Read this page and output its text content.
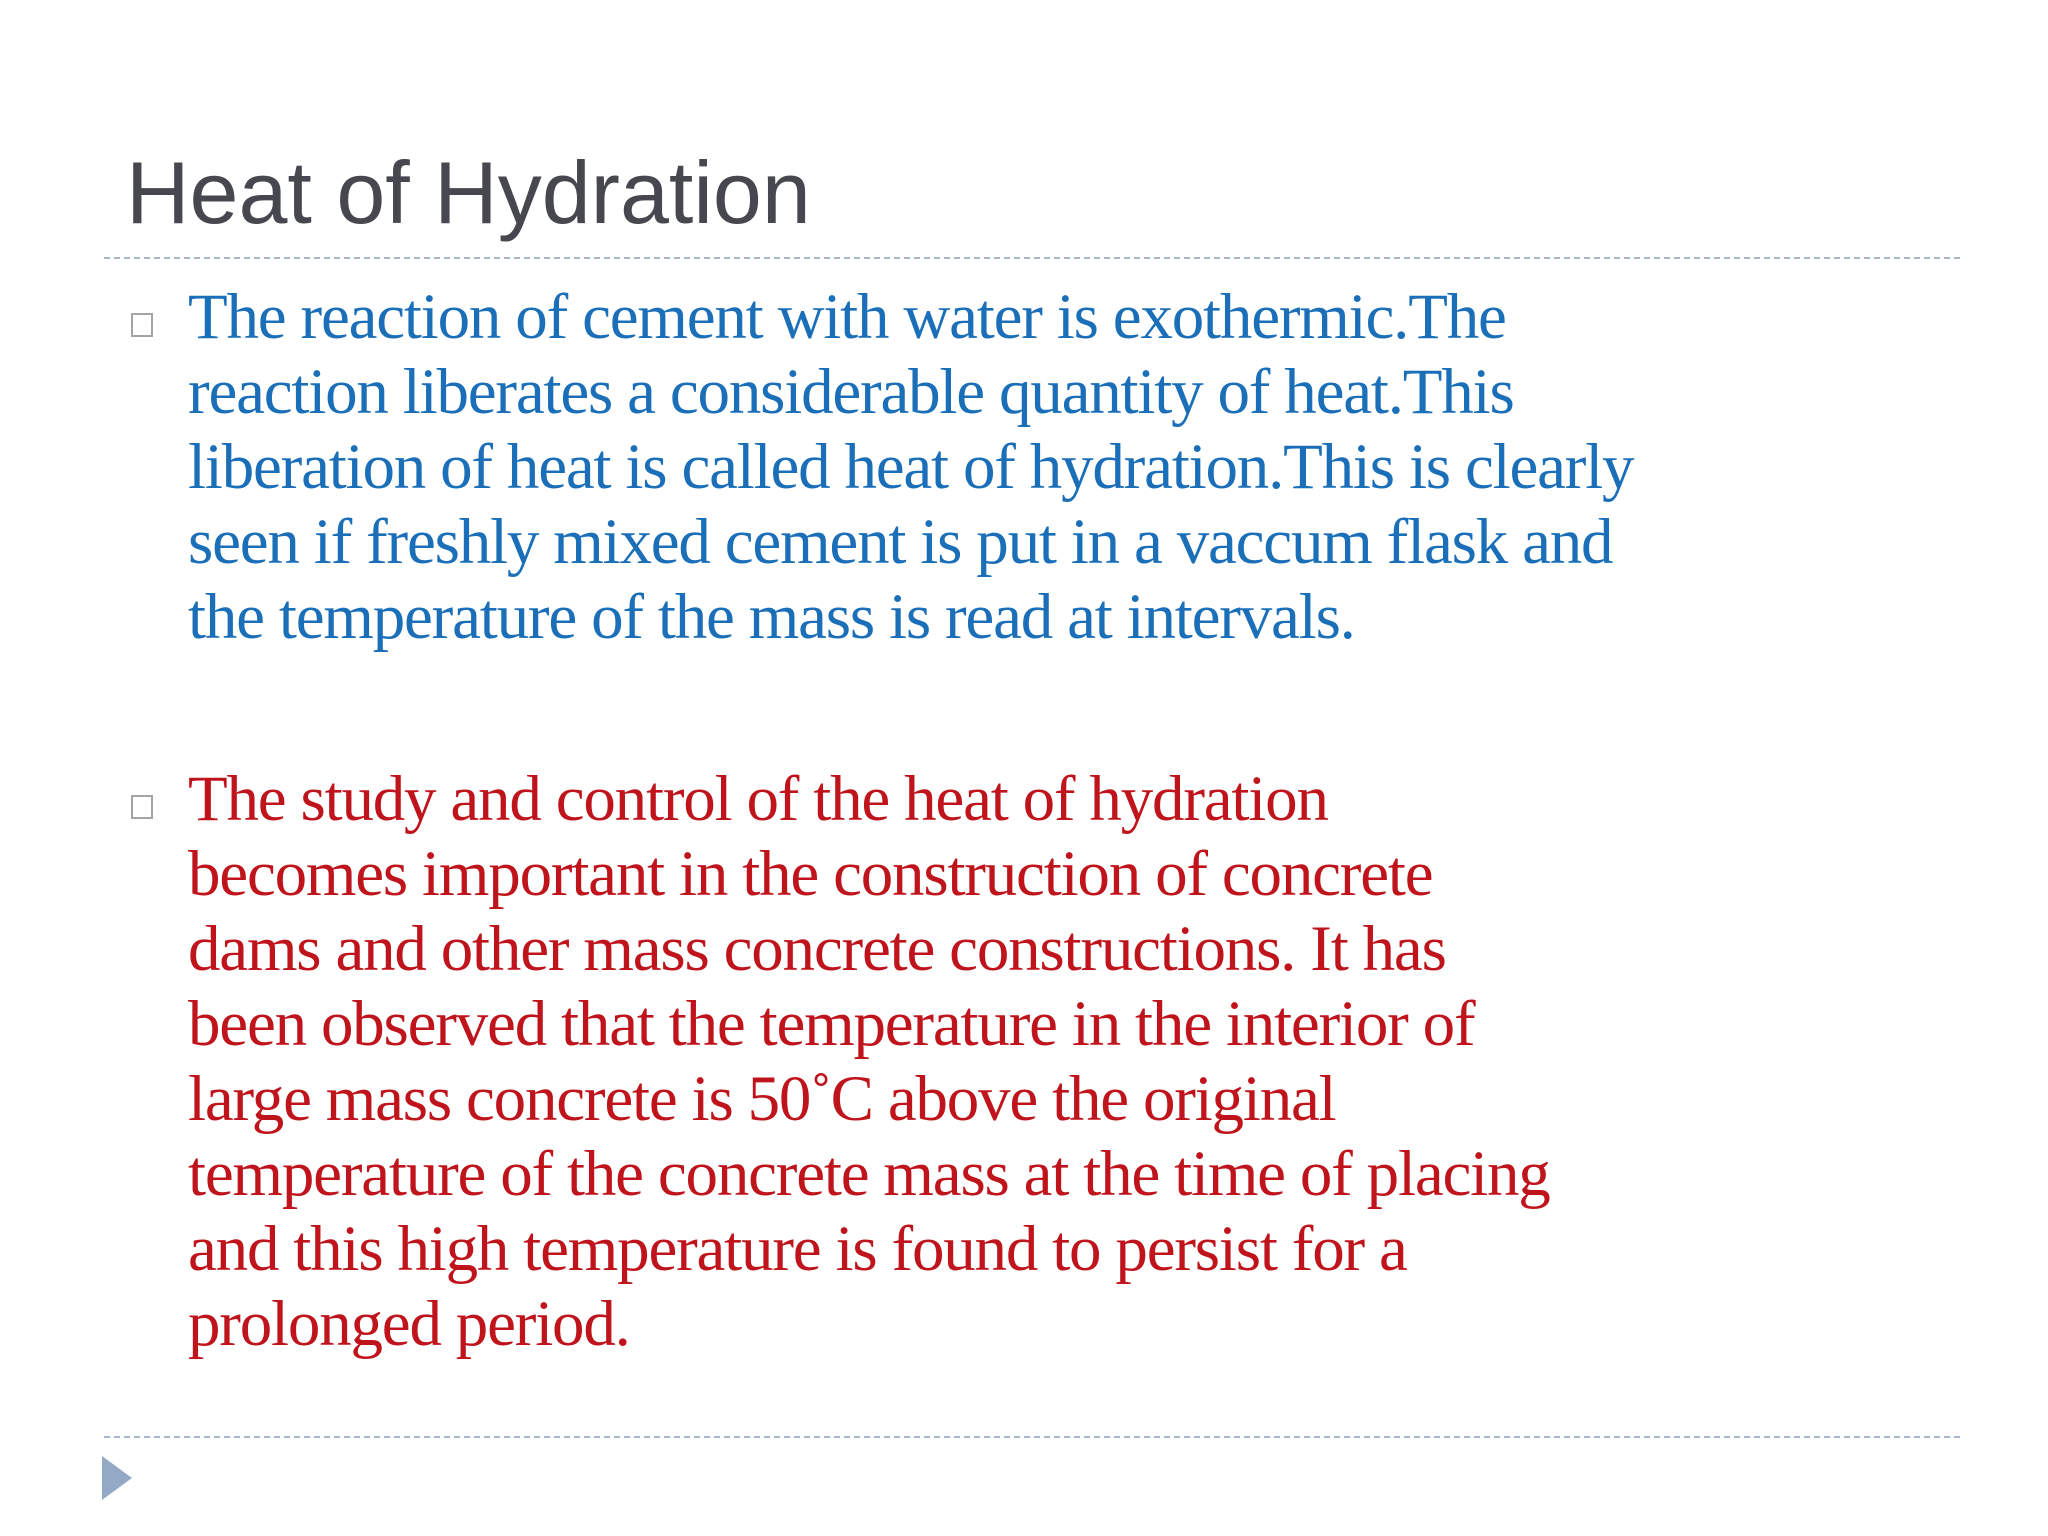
Heat of Hydration

The reaction of cement with water is exothermic.The
reaction liberates a considerable quantity of heat.This
liberation of heat is called heat of hydration.This is clearly
seen if freshly mixed cement is put in a vaccum flask and
the temperature of the mass is read at intervals.

The study and control of the heat of hydration
becomes important in the construction of concrete
dams and other mass concrete constructions. It has
been observed that the temperature in the interior of
large mass concrete is 50˚C above the original
temperature of the concrete mass at the time of placing
and this high temperature is found to persist for a
prolonged period.
